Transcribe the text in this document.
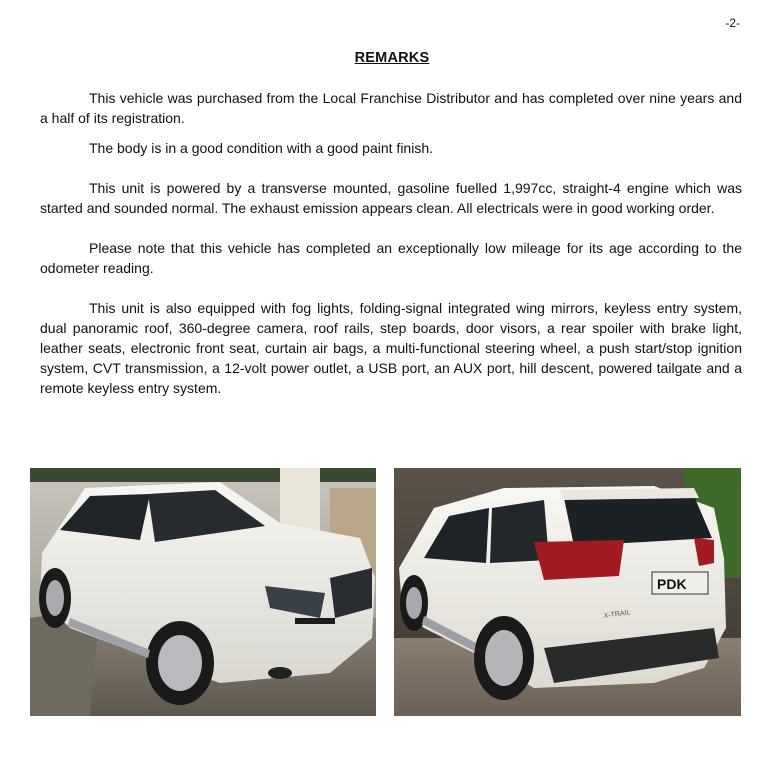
-2-
REMARKS

This vehicle was purchased from the Local Franchise Distributor and has completed over nine years and a half of its registration.

The body is in a good condition with a good paint finish.

This unit is powered by a transverse mounted, gasoline fuelled 1,997cc, straight-4 engine which was started and sounded normal. The exhaust emission appears clean. All electricals were in good working order.

Please note that this vehicle has completed an exceptionally low mileage for its age according to the odometer reading.

This unit is also equipped with fog lights, folding-signal integrated wing mirrors, keyless entry system, dual panoramic roof, 360-degree camera, roof rails, step boards, door visors, a rear spoiler with brake light, leather seats, electronic front seat, curtain air bags, a multi-functional steering wheel, a push start/stop ignition system, CVT transmission, a 12-volt power outlet, a USB port, an AUX port, hill descent, powered tailgate and a remote keyless entry system.

PDK
X-TRAIL
